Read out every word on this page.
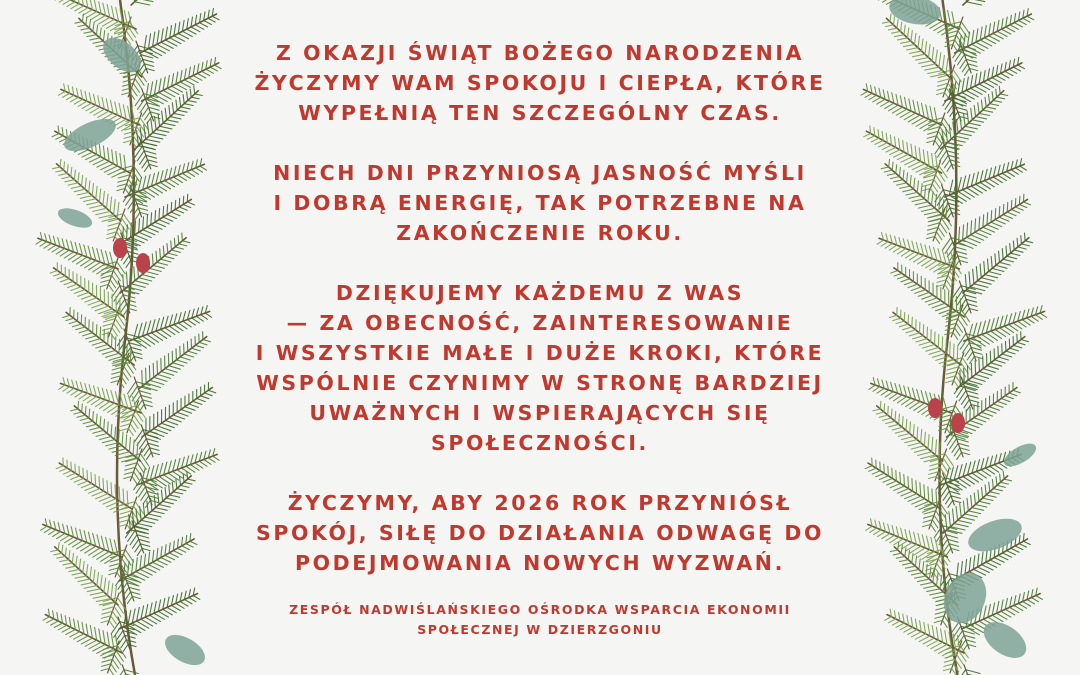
Z OKAZJI ŚWIĄT BOŻEGO NARODZENIA
ŻYCZYMY WAM SPOKOJU I CIEPŁA, KTÓRE
WYPEŁNIĄ TEN SZCZEGÓLNY CZAS.
NIECH DNI PRZYNIOSĄ JASNOŚĆ MYŚLI
I DOBRĄ ENERGIĘ, TAK POTRZEBNE NA
ZAKOŃCZENIE ROKU.
DZIĘKUJEMY KAŻDEMU Z WAS
— ZA OBECNOŚĆ, ZAINTERESOWANIE
I WSZYSTKIE MAŁE I DUŻE KROKI, KTÓRE
WSPÓLNIE CZYNIMY W STRONĘ BARDZIEJ
UWAŻNYCH I WSPIERAJĄCYCH SIĘ
SPOŁECZNOŚCI.
ŻYCZYMY, ABY 2026 ROK PRZYNIÓSŁ
SPOKÓJ, SIŁĘ DO DZIAŁANIA ODWAGĘ DO
PODEJMOWANIA NOWYCH WYZWAŃ.
ZESPÓŁ NADWIŚLAŃSKIEGO OŚRODKA WSPARCIA EKONOMII
SPOŁECZNEJ W DZIERZGONIU
